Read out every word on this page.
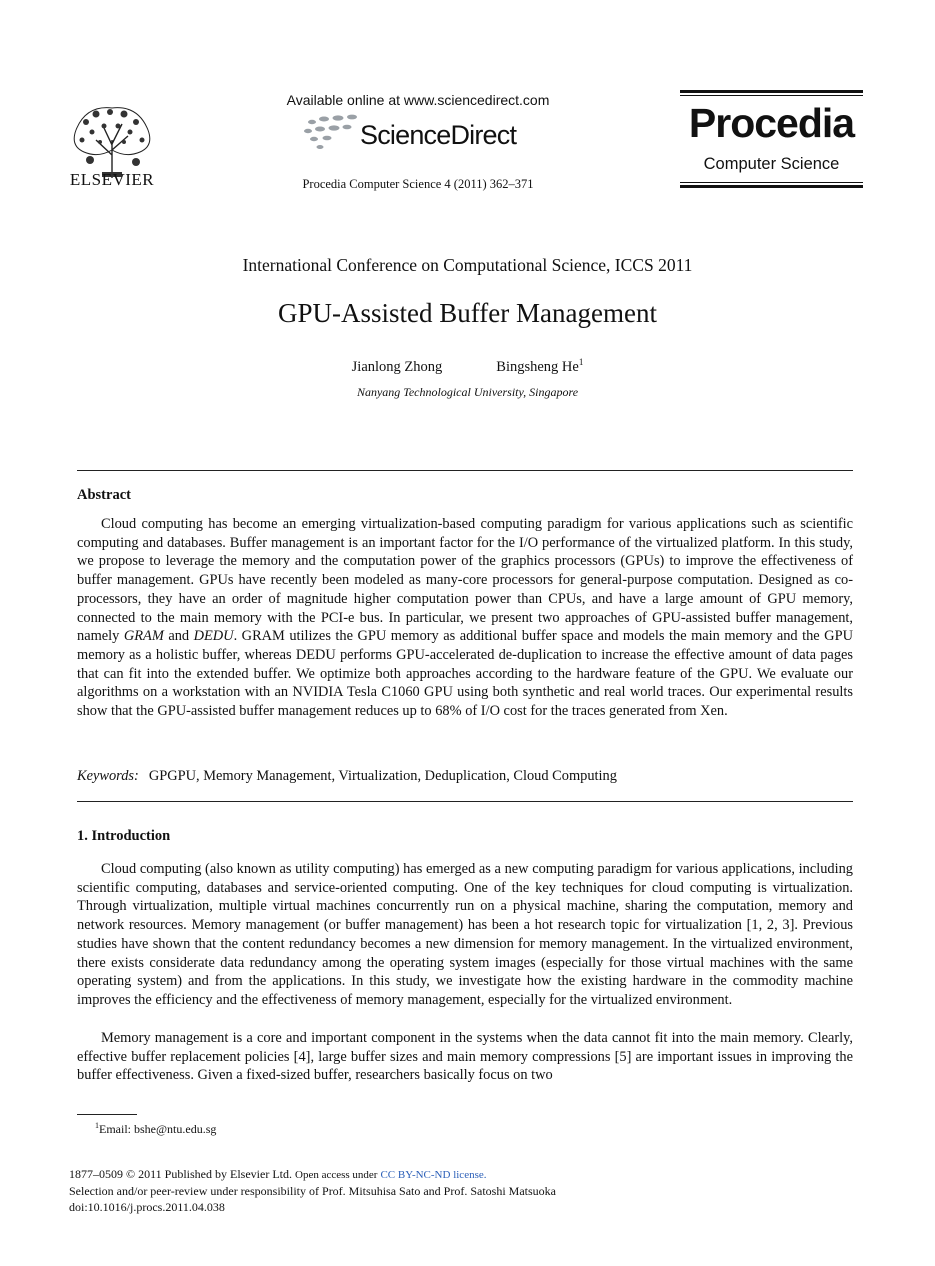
ELSEVIER
Available online at www.sciencedirect.com
ScienceDirect
Procedia Computer Science 4 (2011) 362–371
Procedia
Computer Science
International Conference on Computational Science, ICCS 2011
GPU-Assisted Buffer Management
Jianlong Zhong	Bingsheng He$^1$
Nanyang Technological University, Singapore
Abstract

Cloud computing has become an emerging virtualization-based computing paradigm for various applications such as scientific computing and databases. Buffer management is an important factor for the I/O performance of the virtualized platform. In this study, we propose to leverage the memory and the computation power of the graphics processors (GPUs) to improve the effectiveness of buffer management. GPUs have recently been modeled as many-core processors for general-purpose computation. Designed as co-processors, they have an order of magnitude higher computation power than CPUs, and have a large amount of GPU memory, connected to the main memory with the PCI-e bus. In particular, we present two approaches of GPU-assisted buffer management, namely GRAM and DEDU. GRAM utilizes the GPU memory as additional buffer space and models the main memory and the GPU memory as a holistic buffer, whereas DEDU performs GPU-accelerated de-duplication to increase the effective amount of data pages that can fit into the extended buffer. We optimize both approaches according to the hardware feature of the GPU. We evaluate our algorithms on a workstation with an NVIDIA Tesla C1060 GPU using both synthetic and real world traces. Our experimental results show that the GPU-assisted buffer management reduces up to 68% of I/O cost for the traces generated from Xen.

Keywords: GPGPU, Memory Management, Virtualization, Deduplication, Cloud Computing
1. Introduction

Cloud computing (also known as utility computing) has emerged as a new computing paradigm for various applications, including scientific computing, databases and service-oriented computing. One of the key techniques for cloud computing is virtualization. Through virtualization, multiple virtual machines concurrently run on a physical machine, sharing the computation, memory and network resources. Memory management (or buffer management) has been a hot research topic for virtualization [1, 2, 3]. Previous studies have shown that the content redundancy becomes a new dimension for memory management. In the virtualized environment, there exists considerate data redundancy among the operating system images (especially for those virtual machines with the same operating system) and from the applications. In this study, we investigate how the existing hardware in the commodity machine improves the efficiency and the effectiveness of memory management, especially for the virtualized environment.

Memory management is a core and important component in the systems when the data cannot fit into the main memory. Clearly, effective buffer replacement policies [4], large buffer sizes and main memory compressions [5] are important issues in improving the buffer effectiveness. Given a fixed-sized buffer, researchers basically focus on two

$^1$Email: bshe@ntu.edu.sg
1877–0509 © 2011 Published by Elsevier Ltd. Open access under CC BY-NC-ND license.
Selection and/or peer-review under responsibility of Prof. Mitsuhisa Sato and Prof. Satoshi Matsuoka
doi:10.1016/j.procs.2011.04.038
